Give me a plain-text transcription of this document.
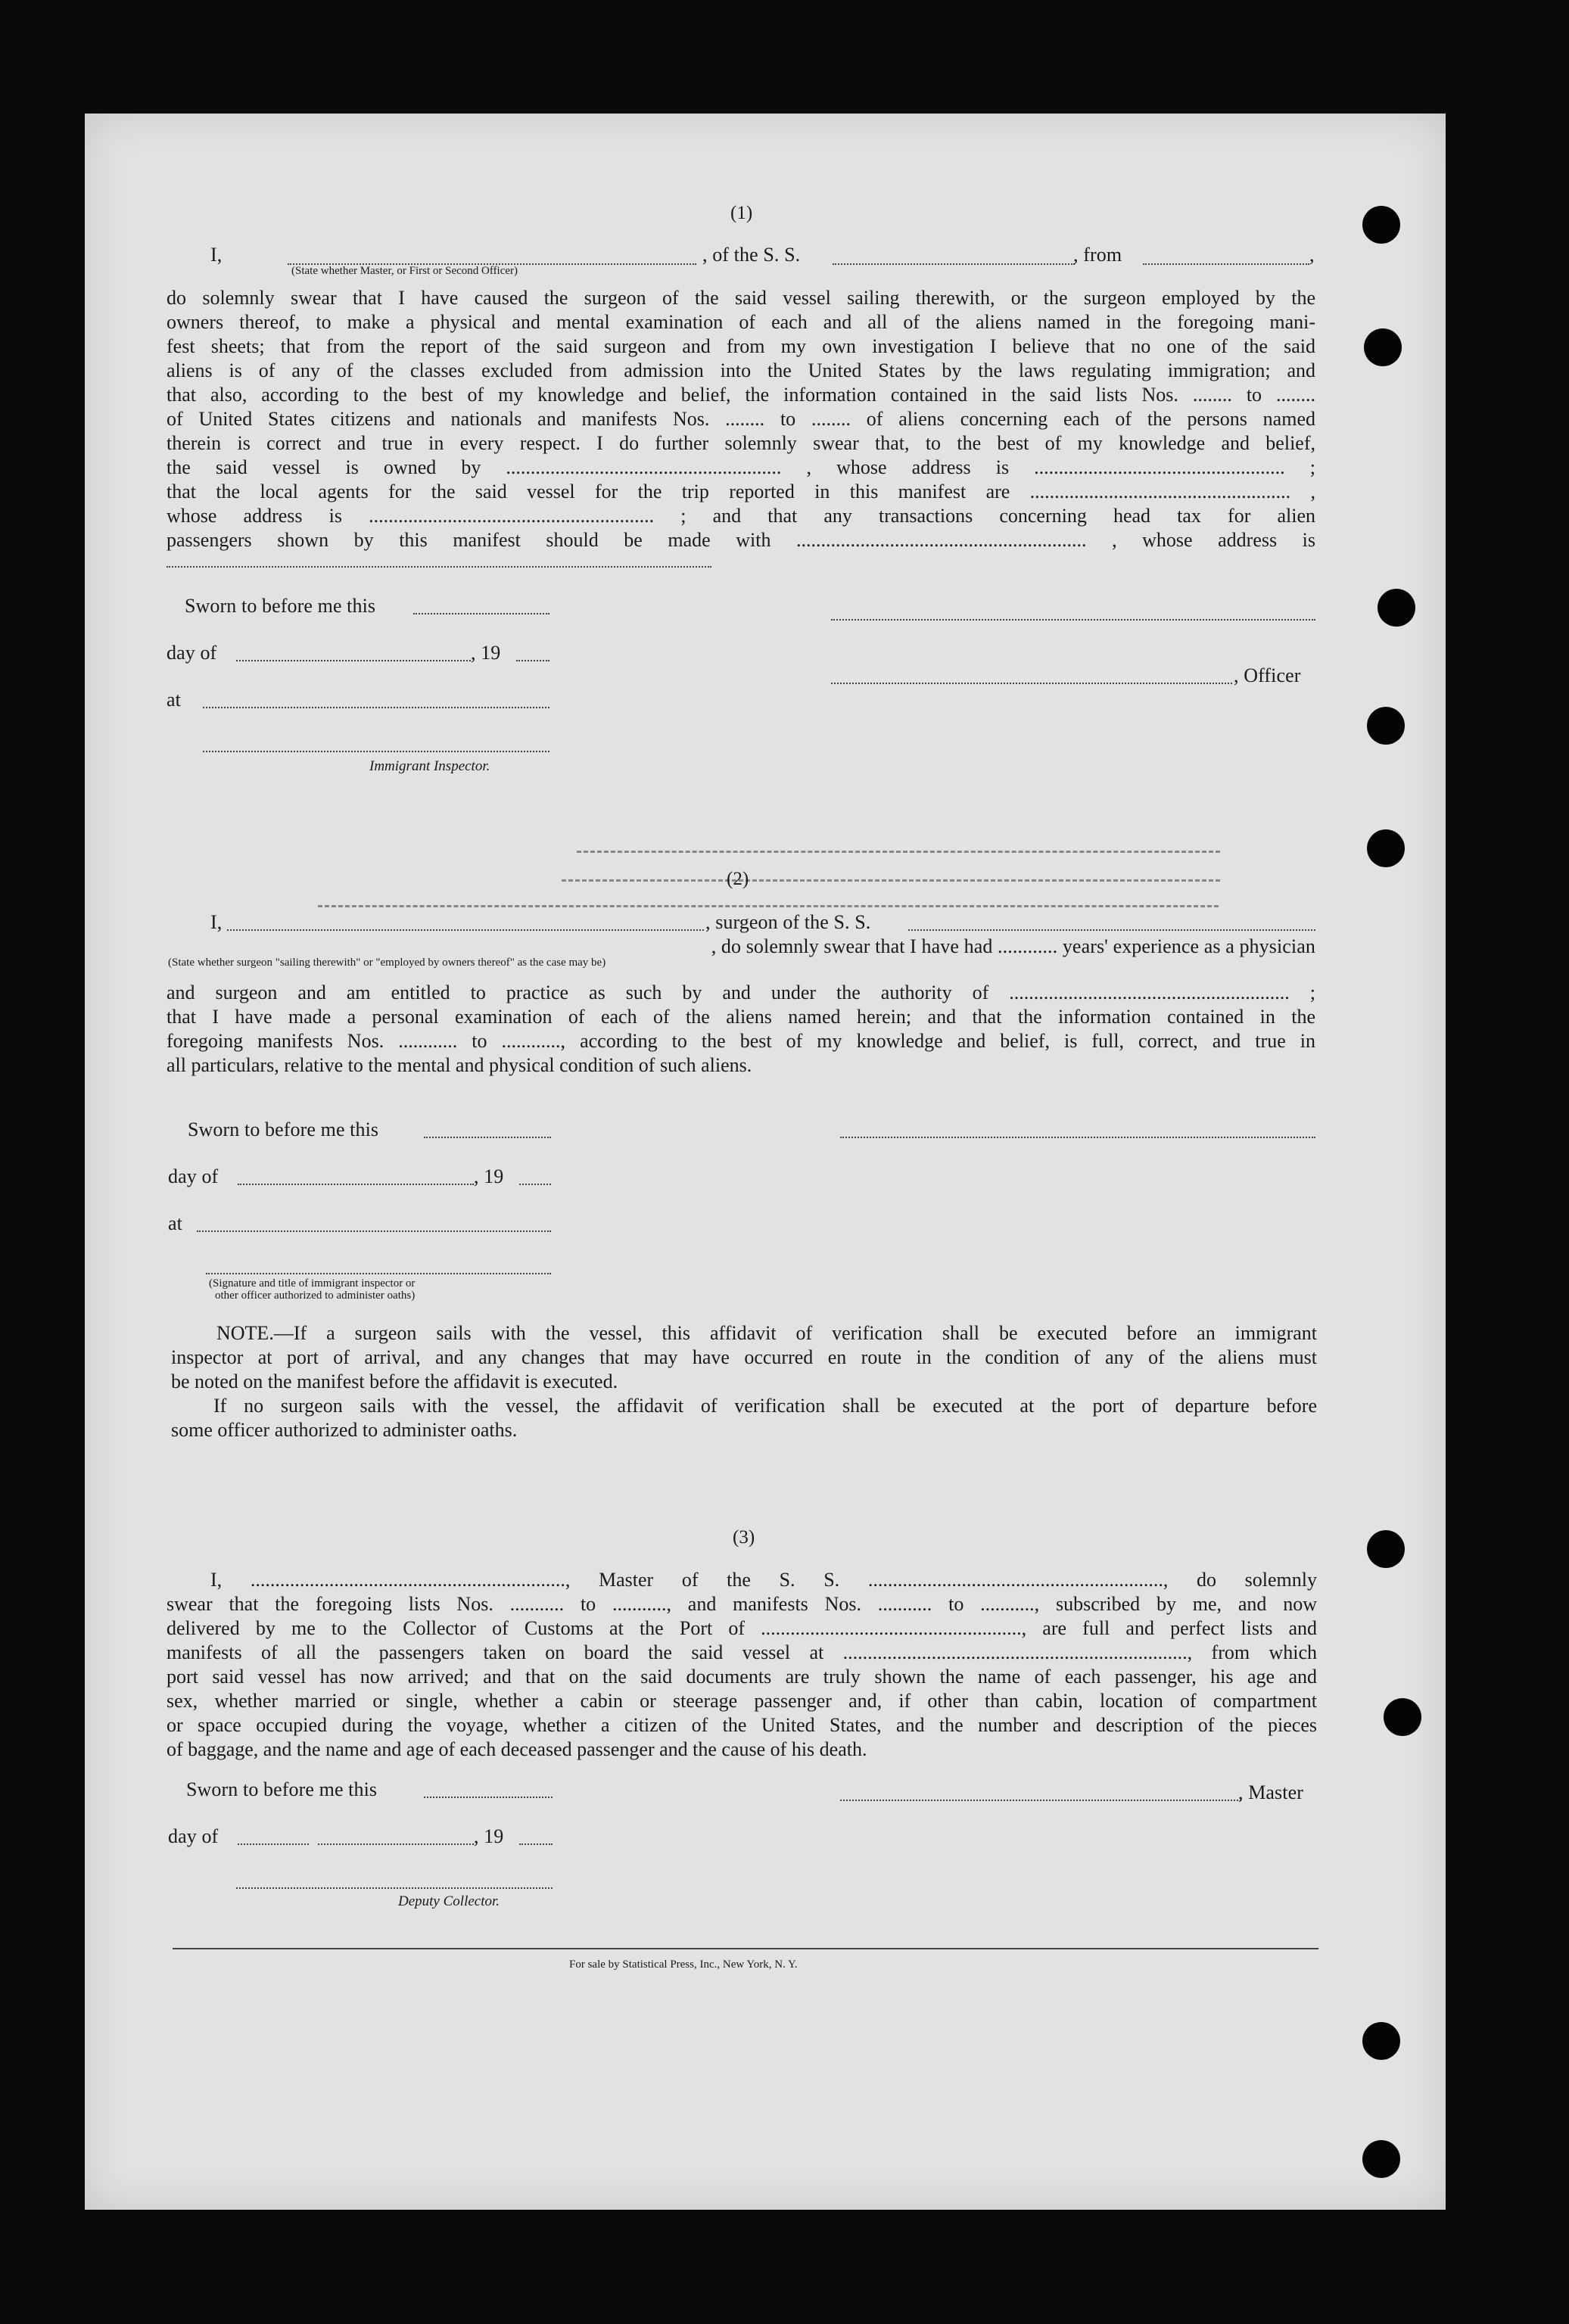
(1)
I,	, of the S. S.	, from	,
(State whether Master, or First or Second Officer)
do solemnly swear that I have caused the surgeon of the said vessel sailing therewith, or the surgeon employed by the
owners thereof, to make a physical and mental examination of each and all of the aliens named in the foregoing mani-
fest sheets; that from the report of the said surgeon and from my own investigation I believe that no one of the said
aliens is of any of the classes excluded from admission into the United States by the laws regulating immigration; and
that also, according to the best of my knowledge and belief, the information contained in the said lists Nos. ........ to ........
of United States citizens and nationals and manifests Nos. ........ to ........ of aliens concerning each of the persons named
therein is correct and true in every respect. I do further solemnly swear that, to the best of my knowledge and belief,
the said vessel is owned by ........................................................ , whose address is ................................................... ;
that the local agents for the said vessel for the trip reported in this manifest are ..................................................... ,
whose address is .......................................................... ; and that any transactions concerning head tax for alien
passengers shown by this manifest should be made with ........................................................... , whose address is
Sworn to before me this
day of	, 19
, Officer
at
Immigrant Inspector.
(2)
I,	, surgeon of the S. S.
(State whether surgeon "sailing therewith" or "employed by owners thereof" as the case may be)
, do solemnly swear that I have had ............ years' experience as a physician
and surgeon and am entitled to practice as such by and under the authority of ......................................................... ;
that I have made a personal examination of each of the aliens named herein; and that the information contained in the
foregoing manifests Nos. ............ to ............, according to the best of my knowledge and belief, is full, correct, and true in
all particulars, relative to the mental and physical condition of such aliens.
Sworn to before me this
day of	, 19
at
(Signature and title of immigrant inspector or
other officer authorized to administer oaths)
NOTE.—If a surgeon sails with the vessel, this affidavit of verification shall be executed before an immigrant
inspector at port of arrival, and any changes that may have occurred en route in the condition of any of the aliens must
be noted on the manifest before the affidavit is executed.
If no surgeon sails with the vessel, the affidavit of verification shall be executed at the port of departure before
some officer authorized to administer oaths.
(3)
I, ................................................................, Master of the S. S. ............................................................, do solemnly
swear that the foregoing lists Nos. ........... to ..........., and manifests Nos. ........... to ..........., subscribed by me, and now
delivered by me to the Collector of Customs at the Port of ....................................................., are full and perfect lists and
manifests of all the passengers taken on board the said vessel at ......................................................................, from which
port said vessel has now arrived; and that on the said documents are truly shown the name of each passenger, his age and
sex, whether married or single, whether a cabin or steerage passenger and, if other than cabin, location of compartment
or space occupied during the voyage, whether a citizen of the United States, and the number and description of the pieces
of baggage, and the name and age of each deceased passenger and the cause of his death.
Sworn to before me this	, Master
day of	, 19
Deputy Collector.
For sale by Statistical Press, Inc., New York, N. Y.
